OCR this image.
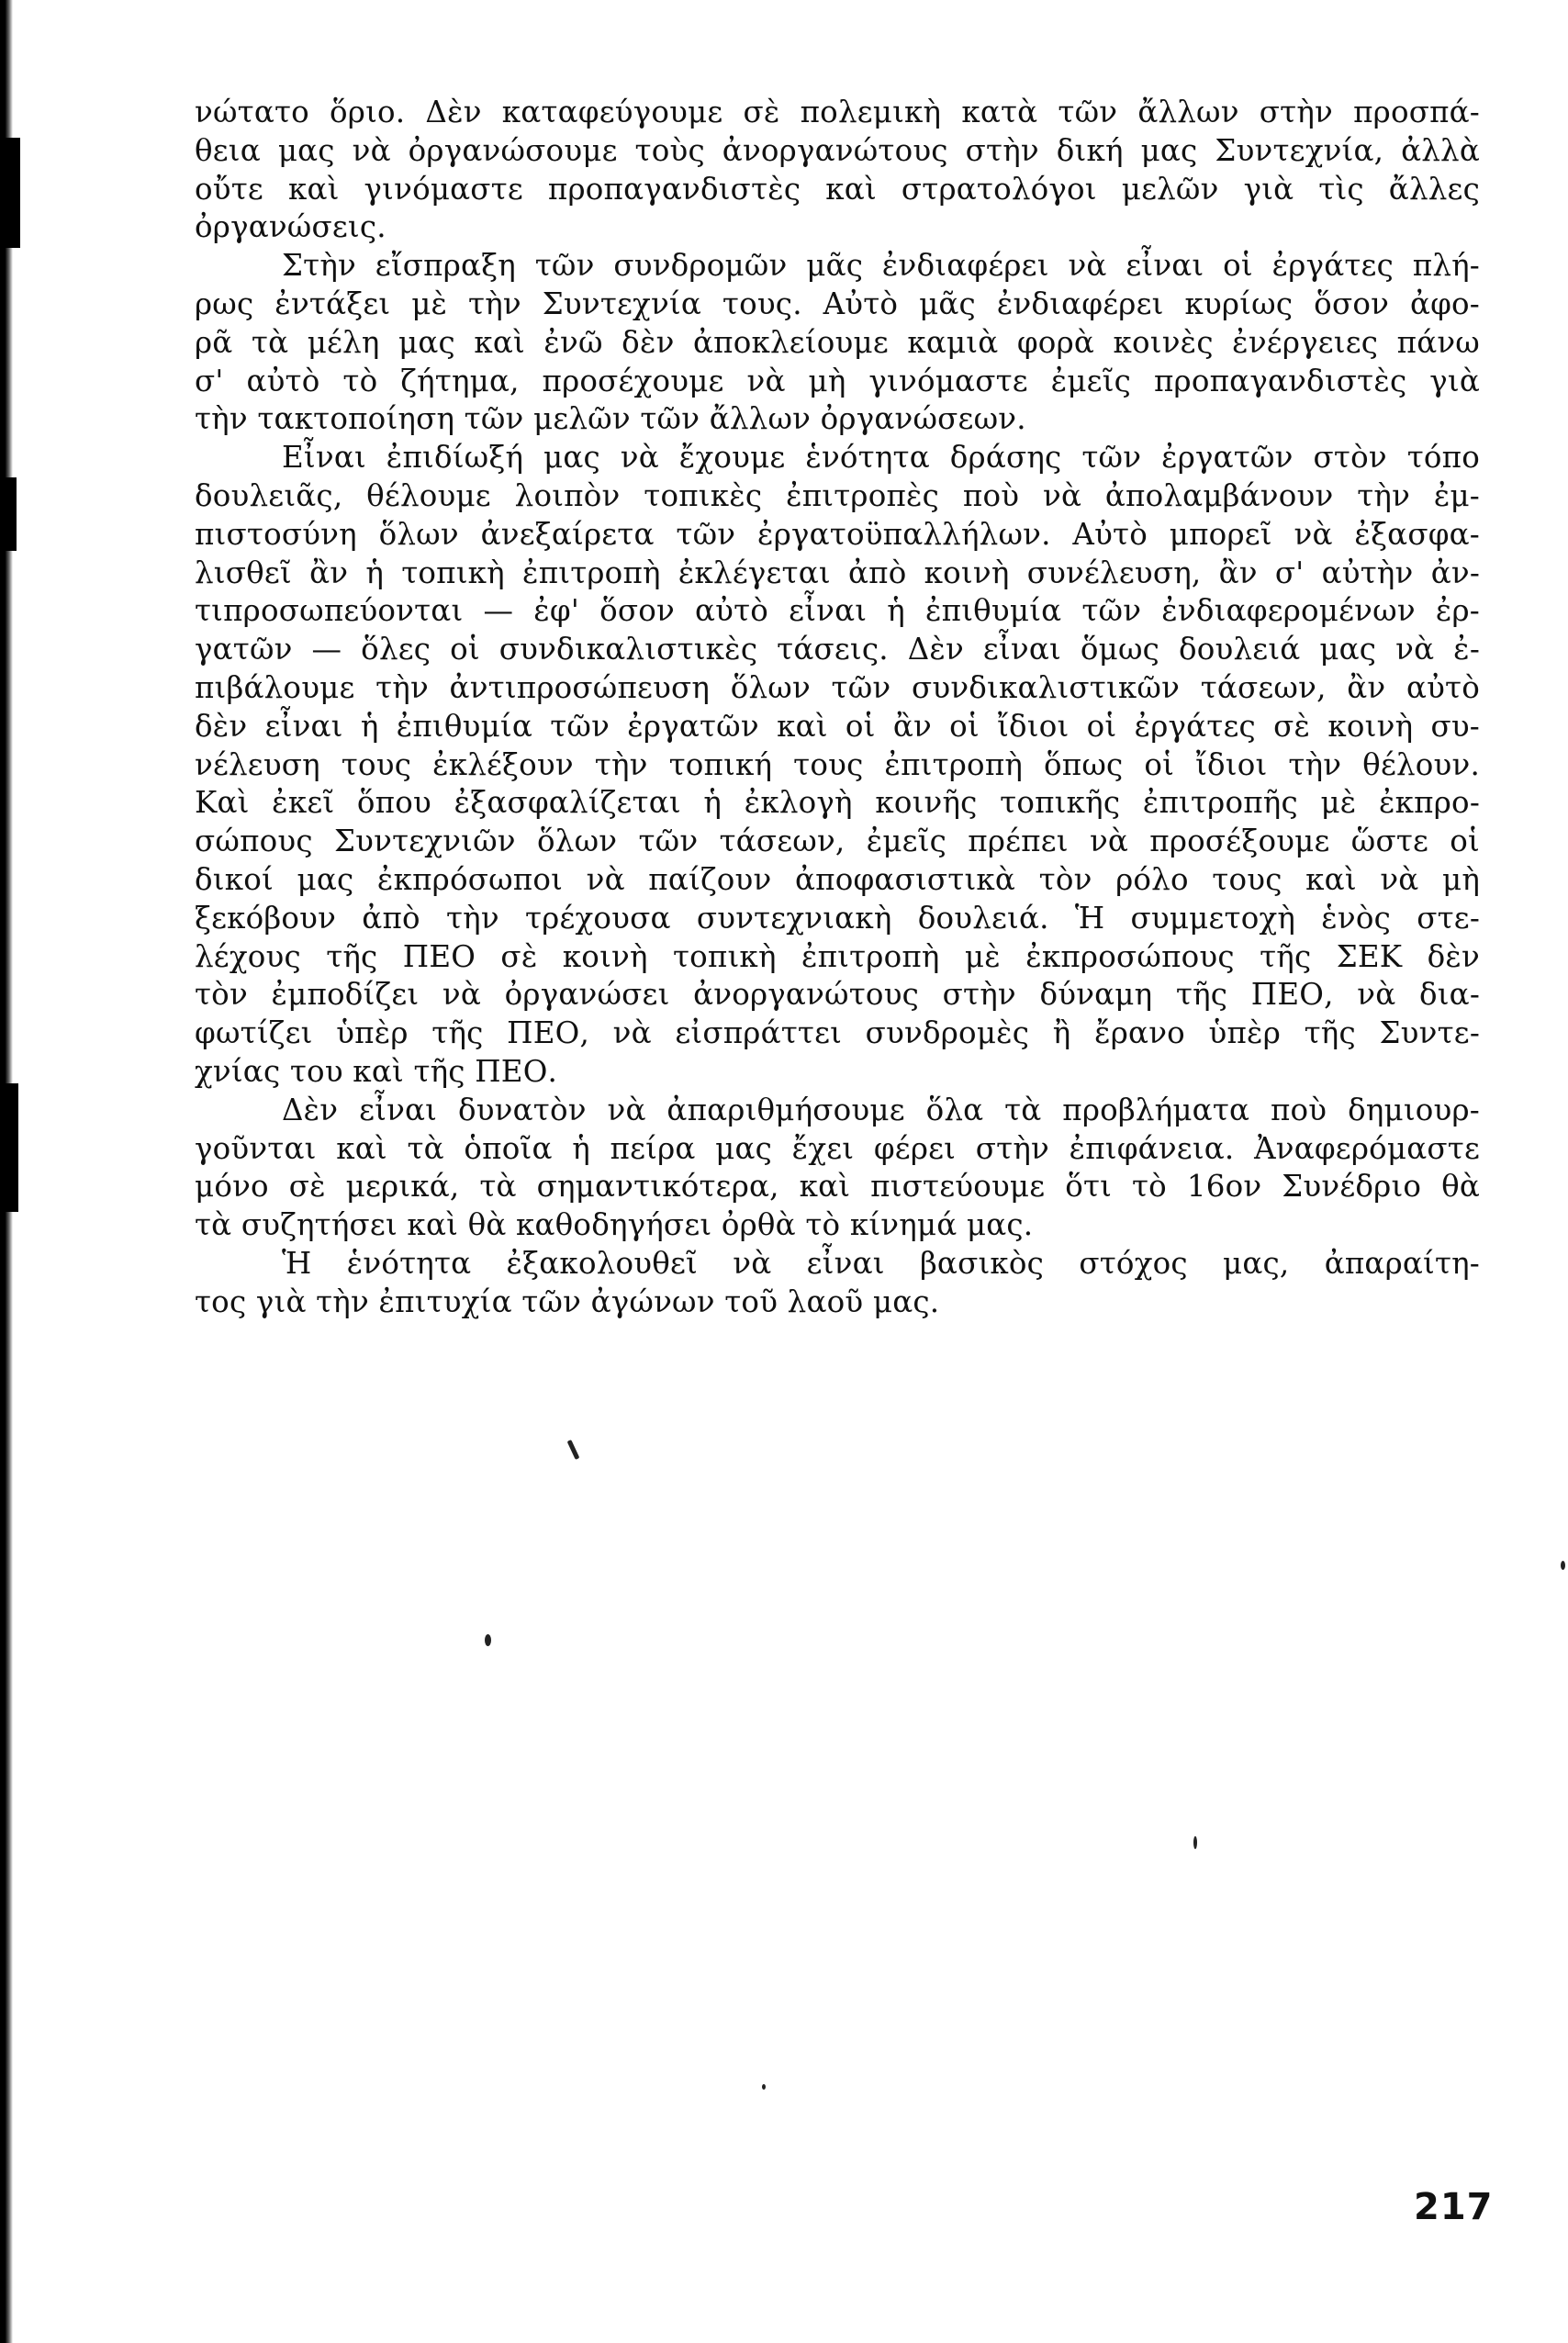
νώτατο ὅριο. Δὲν καταφεύγουμε σὲ πολεμικὴ κατὰ τῶν ἄλλων στὴν προσπά-
θεια μας νὰ ὀργανώσουμε τοὺς ἀνοργανώτους στὴν δική μας Συντεχνία, ἀλλὰ
οὔτε καὶ γινόμαστε προπαγανδιστὲς καὶ στρατολόγοι μελῶν γιὰ τὶς ἄλλες
ὀργανώσεις.
Στὴν εἴσπραξη τῶν συνδρομῶν μᾶς ἐνδιαφέρει νὰ εἶναι οἱ ἐργάτες πλή-
ρως ἐντάξει μὲ τὴν Συντεχνία τους. Αὐτὸ μᾶς ἐνδιαφέρει κυρίως ὅσον ἀφο-
ρᾶ τὰ μέλη μας καὶ ἐνῶ δὲν ἀποκλείουμε καμιὰ φορὰ κοινὲς ἐνέργειες πάνω
σ' αὐτὸ τὸ ζήτημα, προσέχουμε νὰ μὴ γινόμαστε ἐμεῖς προπαγανδιστὲς γιὰ
τὴν τακτοποίηση τῶν μελῶν τῶν ἄλλων ὀργανώσεων.
Εἶναι ἐπιδίωξή μας νὰ ἔχουμε ἑνότητα δράσης τῶν ἐργατῶν στὸν τόπο
δουλειᾶς, θέλουμε λοιπὸν τοπικὲς ἐπιτροπὲς ποὺ νὰ ἀπολαμβάνουν τὴν ἐμ-
πιστοσύνη ὅλων ἀνεξαίρετα τῶν ἐργατοϋπαλλήλων. Αὐτὸ μπορεῖ νὰ ἐξασφα-
λισθεῖ ἂν ἡ τοπικὴ ἐπιτροπὴ ἐκλέγεται ἀπὸ κοινὴ συνέλευση, ἂν σ' αὐτὴν ἀν-
τιπροσωπεύονται — ἐφ' ὅσον αὐτὸ εἶναι ἡ ἐπιθυμία τῶν ἐνδιαφερομένων ἐρ-
γατῶν — ὅλες οἱ συνδικαλιστικὲς τάσεις. Δὲν εἶναι ὅμως δουλειά μας νὰ ἐ-
πιβάλουμε τὴν ἀντιπροσώπευση ὅλων τῶν συνδικαλιστικῶν τάσεων, ἂν αὐτὸ
δὲν εἶναι ἡ ἐπιθυμία τῶν ἐργατῶν καὶ οἱ ἂν οἱ ἴδιοι οἱ ἐργάτες σὲ κοινὴ συ-
νέλευση τους ἐκλέξουν τὴν τοπική τους ἐπιτροπὴ ὅπως οἱ ἴδιοι τὴν θέλουν.
Καὶ ἐκεῖ ὅπου ἐξασφαλίζεται ἡ ἐκλογὴ κοινῆς τοπικῆς ἐπιτροπῆς μὲ ἐκπρο-
σώπους Συντεχνιῶν ὅλων τῶν τάσεων, ἐμεῖς πρέπει νὰ προσέξουμε ὥστε οἱ
δικοί μας ἐκπρόσωποι νὰ παίζουν ἀποφασιστικὰ τὸν ρόλο τους καὶ νὰ μὴ
ξεκόβουν ἀπὸ τὴν τρέχουσα συντεχνιακὴ δουλειά. Ἡ συμμετοχὴ ἑνὸς στε-
λέχους τῆς ΠΕΟ σὲ κοινὴ τοπικὴ ἐπιτροπὴ μὲ ἐκπροσώπους τῆς ΣΕΚ δὲν
τὸν ἐμποδίζει νὰ ὀργανώσει ἀνοργανώτους στὴν δύναμη τῆς ΠΕΟ, νὰ δια-
φωτίζει ὑπὲρ τῆς ΠΕΟ, νὰ εἰσπράττει συνδρομὲς ἢ ἔρανο ὑπὲρ τῆς Συντε-
χνίας του καὶ τῆς ΠΕΟ.
Δὲν εἶναι δυνατὸν νὰ ἀπαριθμήσουμε ὅλα τὰ προβλήματα ποὺ δημιουρ-
γοῦνται καὶ τὰ ὁποῖα ἡ πείρα μας ἔχει φέρει στὴν ἐπιφάνεια. Ἀναφερόμαστε
μόνο σὲ μερικά, τὰ σημαντικότερα, καὶ πιστεύουμε ὅτι τὸ 16ον Συνέδριο θὰ
τὰ συζητήσει καὶ θὰ καθοδηγήσει ὀρθὰ τὸ κίνημά μας.
Ἡ ἑνότητα ἐξακολουθεῖ νὰ εἶναι βασικὸς στόχος μας, ἀπαραίτη-
τος γιὰ τὴν ἐπιτυχία τῶν ἀγώνων τοῦ λαοῦ μας.
217
